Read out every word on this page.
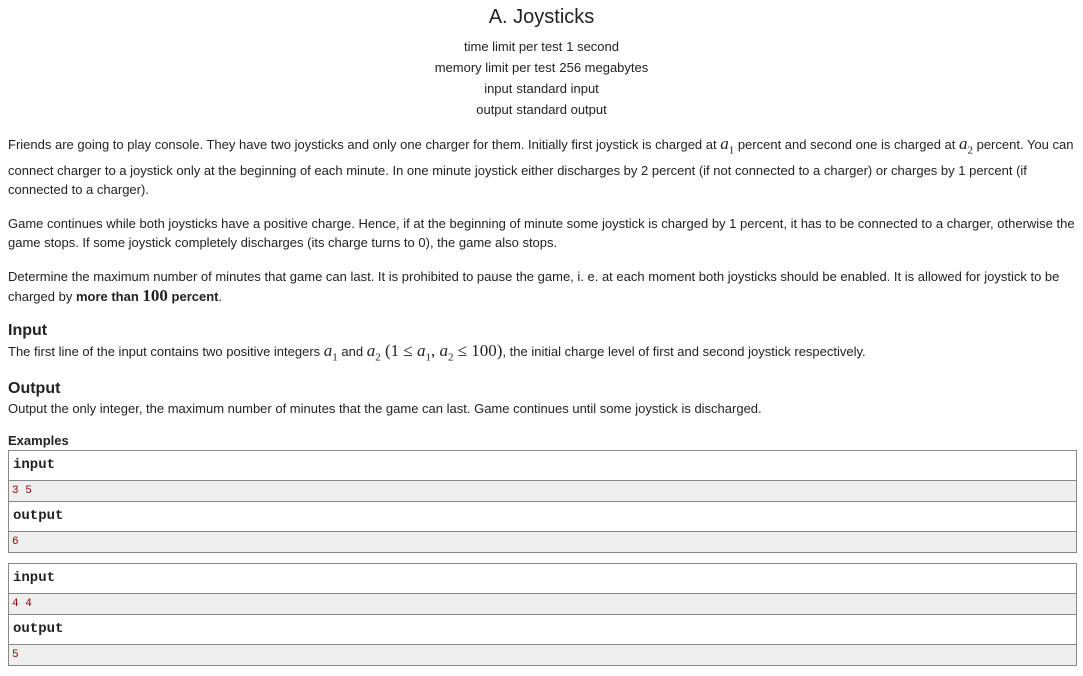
A. Joysticks
time limit per test 1 second
memory limit per test 256 megabytes
input standard input
output standard output

Friends are going to play console. They have two joysticks and only one charger for them. Initially first joystick is charged at $a_1$ percent and second one is charged at $a_2$ percent. You can connect charger to a joystick only at the beginning of each minute. In one minute joystick either discharges by 2 percent (if not connected to a charger) or charges by 1 percent (if connected to a charger).

Game continues while both joysticks have a positive charge. Hence, if at the beginning of minute some joystick is charged by 1 percent, it has to be connected to a charger, otherwise the game stops. If some joystick completely discharges (its charge turns to 0), the game also stops.

Determine the maximum number of minutes that game can last. It is prohibited to pause the game, i. e. at each moment both joysticks should be enabled. It is allowed for joystick to be charged by more than 100 percent.

Input

The first line of the input contains two positive integers $a_1$ and $a_2$ ($1 \le a_1$, $a_2 \le 100$), the initial charge level of first and second joystick respectively.

Output

Output the only integer, the maximum number of minutes that the game can last. Game continues until some joystick is discharged.

Examples
input
3 5
output
6
input
4 4
output
5
